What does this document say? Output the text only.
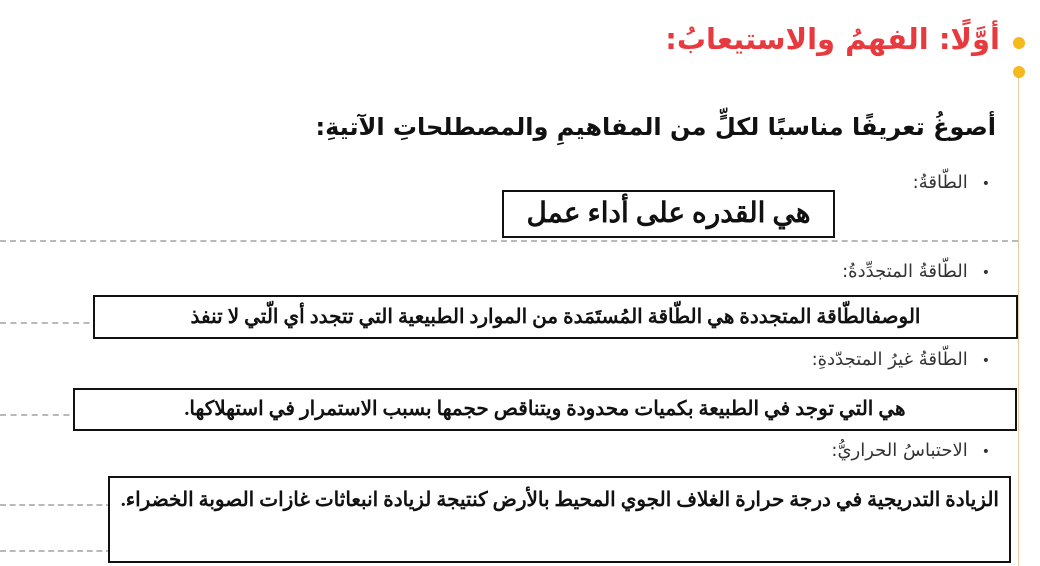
أوَّلًا: الفهمُ والاستيعابُ:
أصوغُ تعريفًا مناسبًا لكلٍّ من المفاهيمِ والمصطلحاتِ الآتيةِ:
•الطّاقةُ:
هي القدره على أداء عمل
•الطّاقةُ المتجدِّدةُ:
الوصفالطّاقة المتجددة هي الطّاقة المُستَمَدة من الموارد الطبيعية التي تتجدد أي الّتي لا تنفذ
•الطّاقةُ غيرُ المتجدّدةِ:
هي التي توجد في الطبيعة بكميات محدودة ويتناقص حجمها بسبب الاستمرار في استهلاكها.
•الاحتباسُ الحراريُّ:
الزيادة التدريجية في درجة حرارة الغلاف الجوي المحيط بالأرض كنتيجة لزيادة انبعاثات غازات الصوبة الخضراء.
